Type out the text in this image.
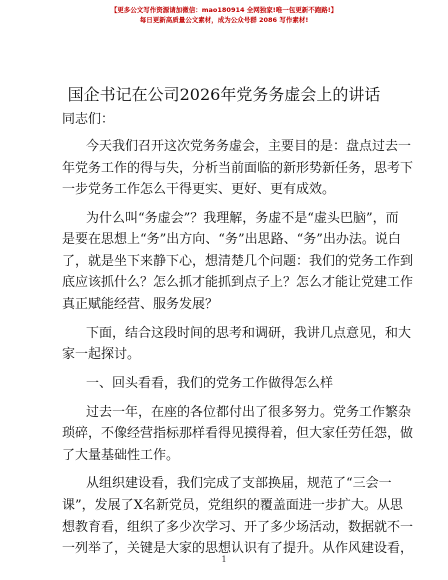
【更多公文写作资源请加微信：mao180914 全网独家!唯一包更新不跑路!】
每日更新高质量公文素材，成为公众号群 2086 写作素材!
国企书记在公司2026年党务务虚会上的讲话
同志们：
今天我们召开这次党务务虚会，主要目的是：盘点过去一
年党务工作的得与失，分析当前面临的新形势新任务，思考下
一步党务工作怎么干得更实、更好、更有成效。
为什么叫“务虚会”？我理解，务虚不是“虚头巴脑”，而
是要在思想上“务”出方向、“务”出思路、“务”出办法。说白
了，就是坐下来静下心，想清楚几个问题：我们的党务工作到
底应该抓什么？怎么抓才能抓到点子上？怎么才能让党建工作
真正赋能经营、服务发展？
下面，结合这段时间的思考和调研，我讲几点意见，和大
家一起探讨。
一、回头看看，我们的党务工作做得怎么样
过去一年，在座的各位都付出了很多努力。党务工作繁杂
琐碎，不像经营指标那样看得见摸得着，但大家任劳任怨，做
了大量基础性工作。
从组织建设看，我们完成了支部换届，规范了“三会一
课”，发展了X名新党员，党组织的覆盖面进一步扩大。从思
想教育看，组织了多少次学习、开了多少场活动，数据就不一
一列举了，关键是大家的思想认识有了提升。从作风建设看，
1
